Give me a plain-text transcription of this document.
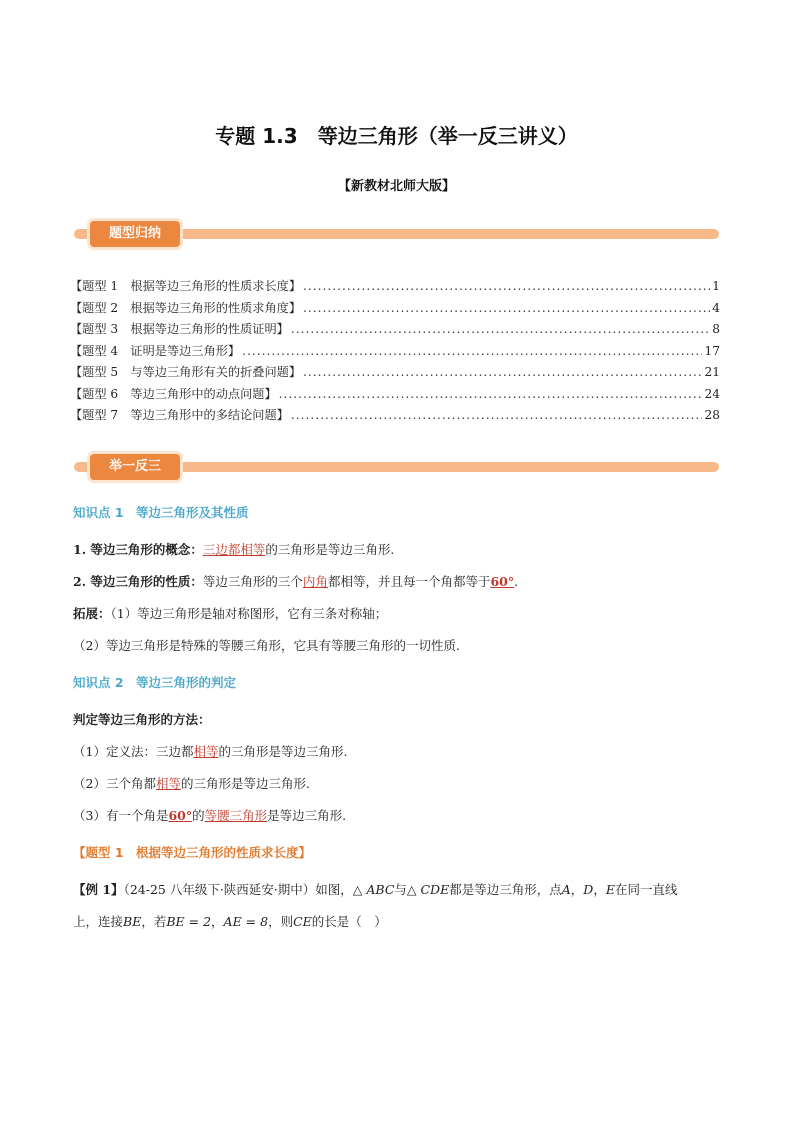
专题 1.3　等边三角形（举一反三讲义）
【新教材北师大版】
题型归纳
【题型 1　根据等边三角形的性质求长度】 .....	1
【题型 2　根据等边三角形的性质求角度】 .....	4
【题型 3　根据等边三角形的性质证明】 .....	8
【题型 4　证明是等边三角形】 .....	17
【题型 5　与等边三角形有关的折叠问题】 .....	21
【题型 6　等边三角形中的动点问题】 .....	24
【题型 7　等边三角形中的多结论问题】 .....	28
举一反三
知识点 1　等边三角形及其性质
1. 等边三角形的概念：三边都相等的三角形是等边三角形.
2. 等边三角形的性质：等边三角形的三个内角都相等，并且每一个角都等于60°.
拓展：（1）等边三角形是轴对称图形，它有三条对称轴；
（2）等边三角形是特殊的等腰三角形，它具有等腰三角形的一切性质.
知识点 2　等边三角形的判定
判定等边三角形的方法：
（1）定义法：三边都相等的三角形是等边三角形.
（2）三个角都相等的三角形是等边三角形.
（3）有一个角是60°的等腰三角形是等边三角形.
【题型 1　根据等边三角形的性质求长度】
【例 1】（24-25 八年级下·陕西延安·期中）如图，△ ABC与△ CDE都是等边三角形，点A，D，E在同一直线
上，连接BE，若BE = 2，AE = 8，则CE的长是（　）
